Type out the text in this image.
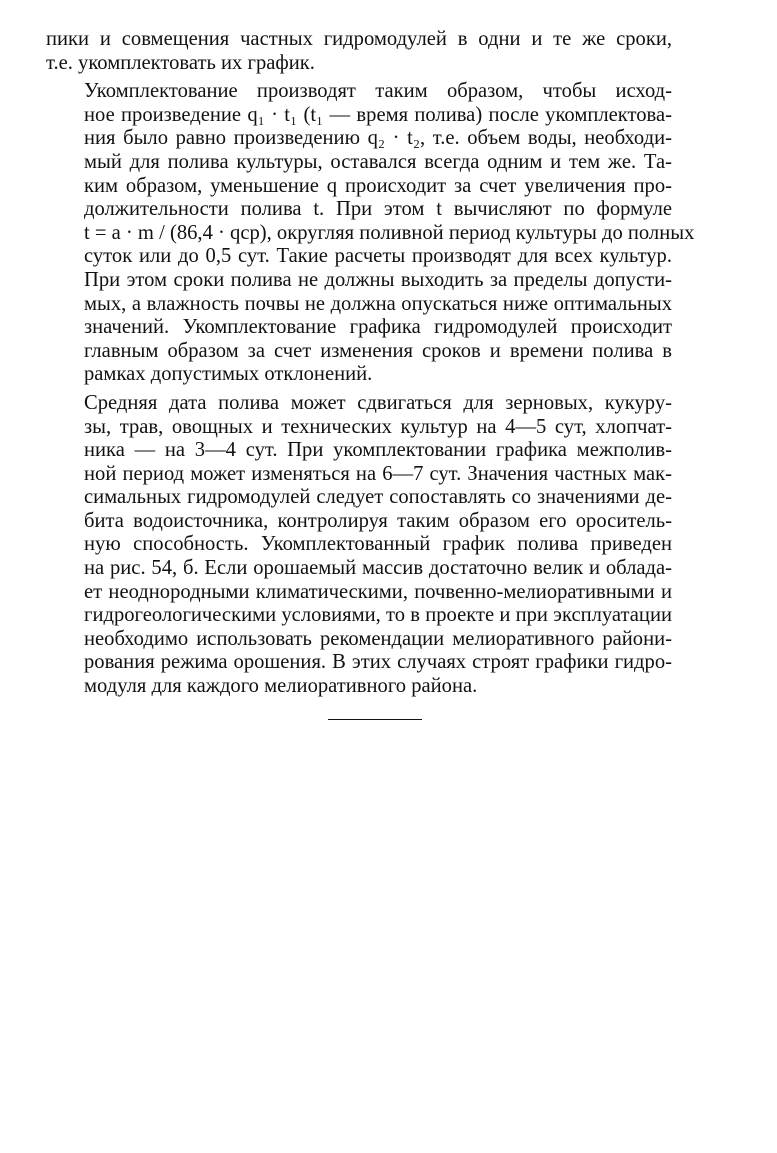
пики и совмещения частных гидромодулей в одни и те же сроки,
т.е. укомплектовать их график.

Укомплектование производят таким образом, чтобы исход-
ное произведение q₁ · t₁ (t₁ — время полива) после укомплектова-
ния было равно произведению q₂ · t₂, т.е. объем воды, необходи-
мый для полива культуры, оставался всегда одним и тем же. Та-
ким образом, уменьшение q происходит за счет увеличения про-
должительности полива t. При этом t вычисляют по формуле
t = a · m / (86,4 · qср), округляя поливной период культуры до полных
суток или до 0,5 сут. Такие расчеты производят для всех культур.
При этом сроки полива не должны выходить за пределы допусти-
мых, а влажность почвы не должна опускаться ниже оптимальных
значений. Укомплектование графика гидромодулей происходит
главным образом за счет изменения сроков и времени полива в
рамках допустимых отклонений.

Средняя дата полива может сдвигаться для зерновых, кукуру-
зы, трав, овощных и технических культур на 4—5 сут, хлопчат-
ника — на 3—4 сут. При укомплектовании графика межполив-
ной период может изменяться на 6—7 сут. Значения частных мак-
симальных гидромодулей следует сопоставлять со значениями де-
бита водоисточника, контролируя таким образом его ороситель-
ную способность. Укомплектованный график полива приведен
на рис. 54, б. Если орошаемый массив достаточно велик и облада-
ет неоднородными климатическими, почвенно-мелиоративными и
гидрогеологическими условиями, то в проекте и при эксплуатации
необходимо использовать рекомендации мелиоративного райони-
рования режима орошения. В этих случаях строят графики гидро-
модуля для каждого мелиоративного района.
